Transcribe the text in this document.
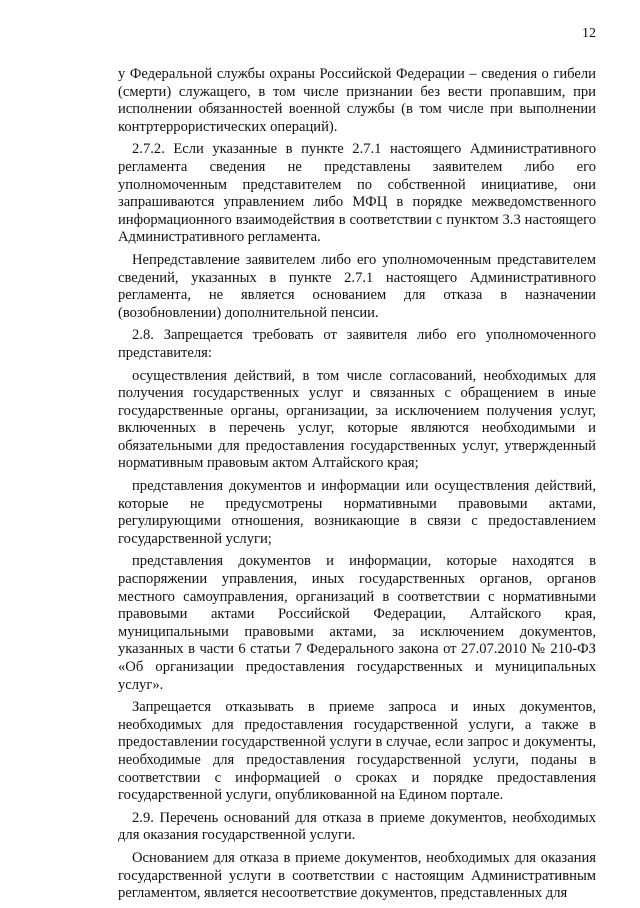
12

у Федеральной службы охраны Российской Федерации – сведения о гибели (смерти) служащего, в том числе признании без вести пропавшим, при исполнении обязанностей военной службы (в том числе при выполнении контртеррористических операций).

2.7.2. Если указанные в пункте 2.7.1 настоящего Административного регламента сведения не представлены заявителем либо его уполномоченным представителем по собственной инициативе, они запрашиваются управлением либо МФЦ в порядке межведомственного информационного взаимодействия в соответствии с пунктом 3.3 настоящего Административного регламента.

Непредставление заявителем либо его уполномоченным представителем сведений, указанных в пункте 2.7.1 настоящего Административного регламента, не является основанием для отказа в назначении (возобновлении) дополнительной пенсии.

2.8. Запрещается требовать от заявителя либо его уполномоченного представителя:

осуществления действий, в том числе согласований, необходимых для получения государственных услуг и связанных с обращением в иные государственные органы, организации, за исключением получения услуг, включенных в перечень услуг, которые являются необходимыми и обязательными для предоставления государственных услуг, утвержденный нормативным правовым актом Алтайского края;

представления документов и информации или осуществления действий, которые не предусмотрены нормативными правовыми актами, регулирующими отношения, возникающие в связи с предоставлением государственной услуги;

представления документов и информации, которые находятся в распоряжении управления, иных государственных органов, органов местного самоуправления, организаций в соответствии с нормативными правовыми актами Российской Федерации, Алтайского края, муниципальными правовыми актами, за исключением документов, указанных в части 6 статьи 7 Федерального закона от 27.07.2010 № 210-ФЗ «Об организации предоставления государственных и муниципальных услуг».

Запрещается отказывать в приеме запроса и иных документов, необходимых для предоставления государственной услуги, а также в предоставлении государственной услуги в случае, если запрос и документы, необходимые для предоставления государственной услуги, поданы в соответствии с информацией о сроках и порядке предоставления государственной услуги, опубликованной на Едином портале.

2.9. Перечень оснований для отказа в приеме документов, необходимых для оказания государственной услуги.

Основанием для отказа в приеме документов, необходимых для оказания государственной услуги в соответствии с настоящим Административным регламентом, является несоответствие документов, представленных для
